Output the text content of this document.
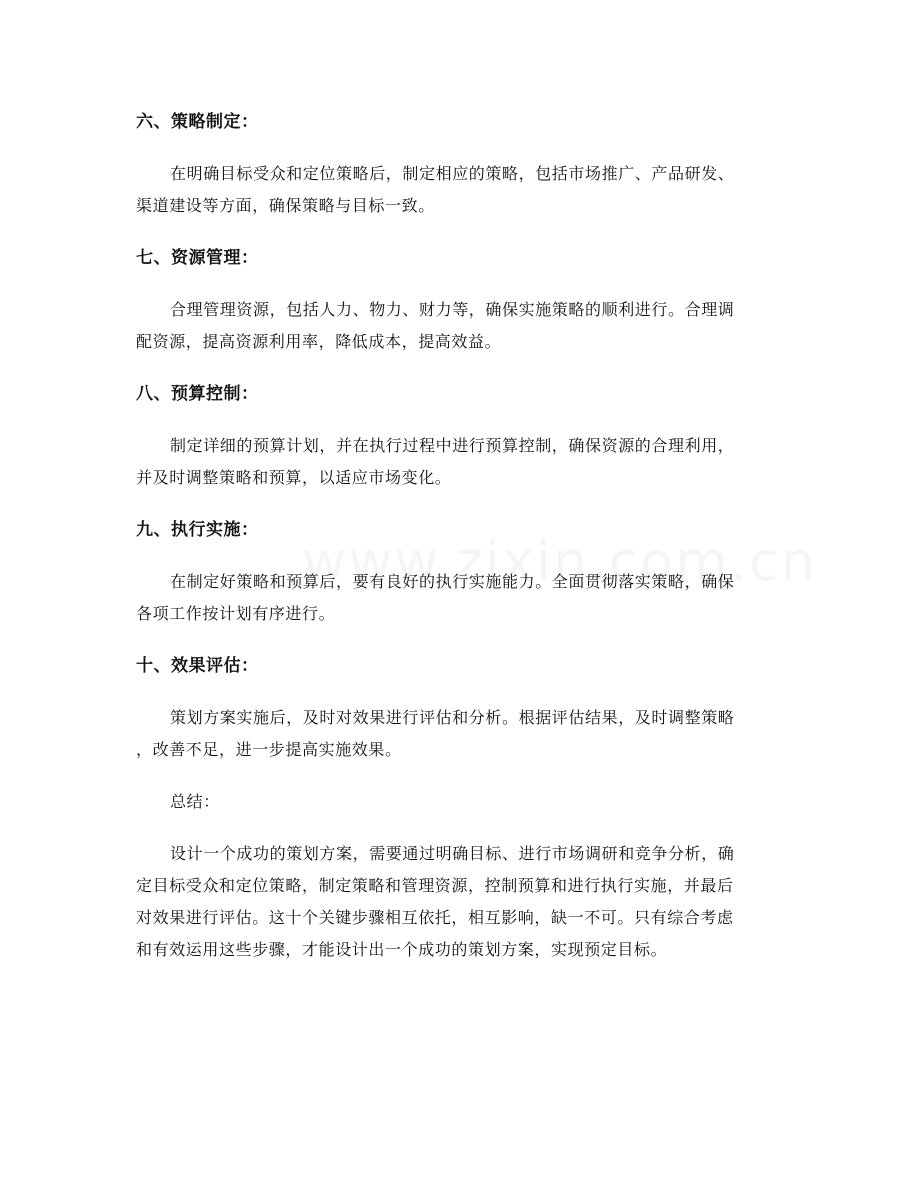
六、策略制定：
在明确目标受众和定位策略后，制定相应的策略，包括市场推广、产品研发、
渠道建设等方面，确保策略与目标一致。
七、资源管理：
合理管理资源，包括人力、物力、财力等，确保实施策略的顺利进行。合理调
配资源，提高资源利用率，降低成本，提高效益。
八、预算控制：
制定详细的预算计划，并在执行过程中进行预算控制，确保资源的合理利用，
并及时调整策略和预算，以适应市场变化。
九、执行实施：
在制定好策略和预算后，要有良好的执行实施能力。全面贯彻落实策略，确保
各项工作按计划有序进行。
十、效果评估：
策划方案实施后，及时对效果进行评估和分析。根据评估结果，及时调整策略
，改善不足，进一步提高实施效果。
总结：
设计一个成功的策划方案，需要通过明确目标、进行市场调研和竞争分析，确
定目标受众和定位策略，制定策略和管理资源，控制预算和进行执行实施，并最后
对效果进行评估。这十个关键步骤相互依托，相互影响，缺一不可。只有综合考虑
和有效运用这些步骤，才能设计出一个成功的策划方案，实现预定目标。
